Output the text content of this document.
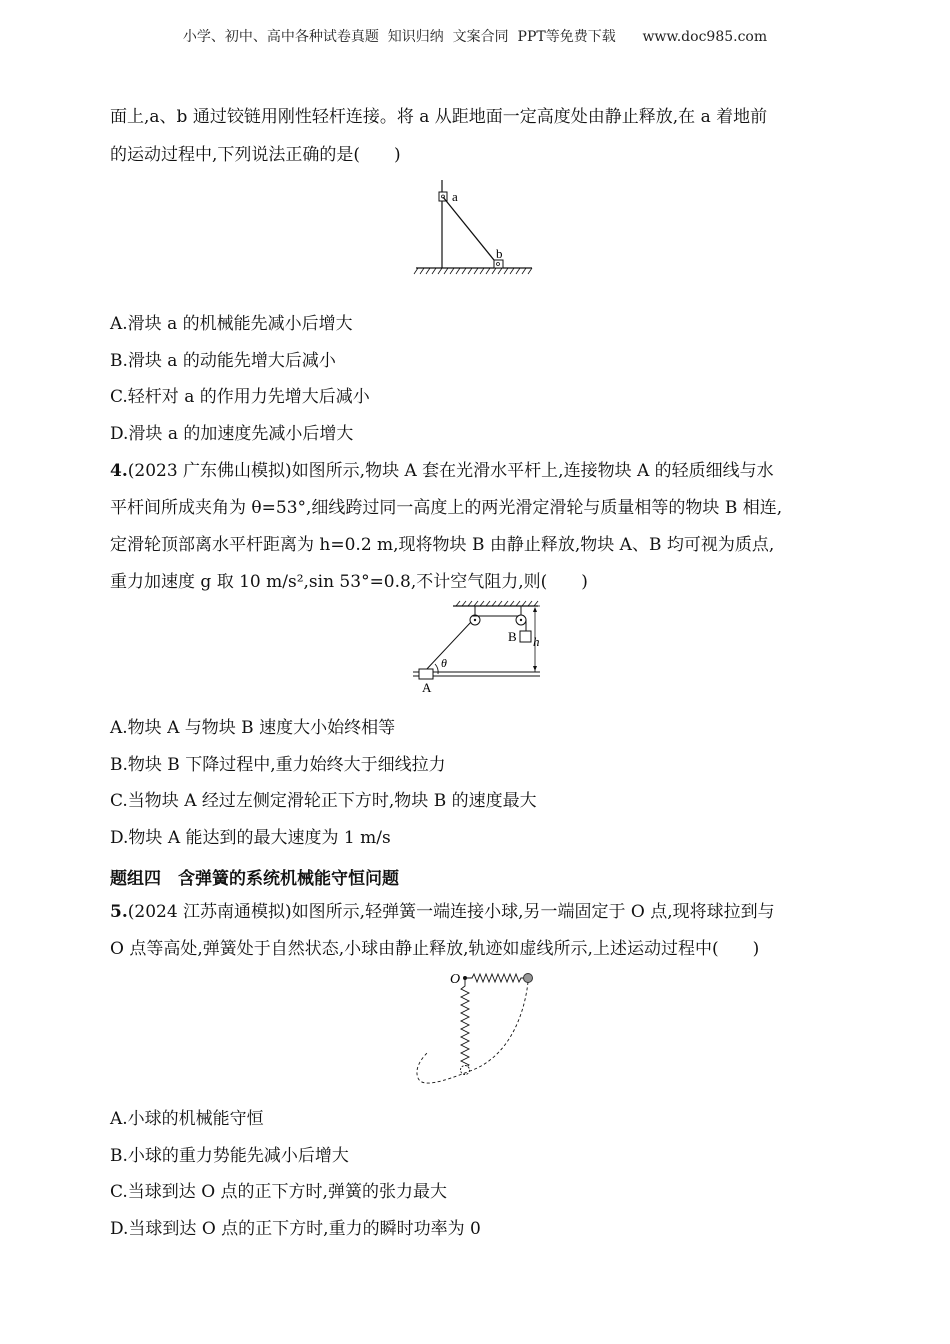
小学、初中、高中各种试卷真题  知识归纳  文案合同  PPT等免费下载      www.doc985.com
面上,a、b 通过铰链用刚性轻杆连接。将 a 从距地面一定高度处由静止释放,在 a 着地前
的运动过程中,下列说法正确的是(　　)
a
b
A.滑块 a 的机械能先减小后增大
B.滑块 a 的动能先增大后减小
C.轻杆对 a 的作用力先增大后减小
D.滑块 a 的加速度先减小后增大
4.(2023 广东佛山模拟)如图所示,物块 A 套在光滑水平杆上,连接物块 A 的轻质细线与水
平杆间所成夹角为 θ=53°,细线跨过同一高度上的两光滑定滑轮与质量相等的物块 B 相连,
定滑轮顶部离水平杆距离为 h=0.2 m,现将物块 B 由静止释放,物块 A、B 均可视为质点,
重力加速度 g 取 10 m/s²,sin 53°=0.8,不计空气阻力,则(　　)
θ
A
B h
A.物块 A 与物块 B 速度大小始终相等
B.物块 B 下降过程中,重力始终大于细线拉力
C.当物块 A 经过左侧定滑轮正下方时,物块 B 的速度最大
D.物块 A 能达到的最大速度为 1 m/s
题组四　含弹簧的系统机械能守恒问题
5.(2024 江苏南通模拟)如图所示,轻弹簧一端连接小球,另一端固定于 O 点,现将球拉到与
O 点等高处,弹簧处于自然状态,小球由静止释放,轨迹如虚线所示,上述运动过程中(　　)
O
A.小球的机械能守恒
B.小球的重力势能先减小后增大
C.当球到达 O 点的正下方时,弹簧的张力最大
D.当球到达 O 点的正下方时,重力的瞬时功率为 0
